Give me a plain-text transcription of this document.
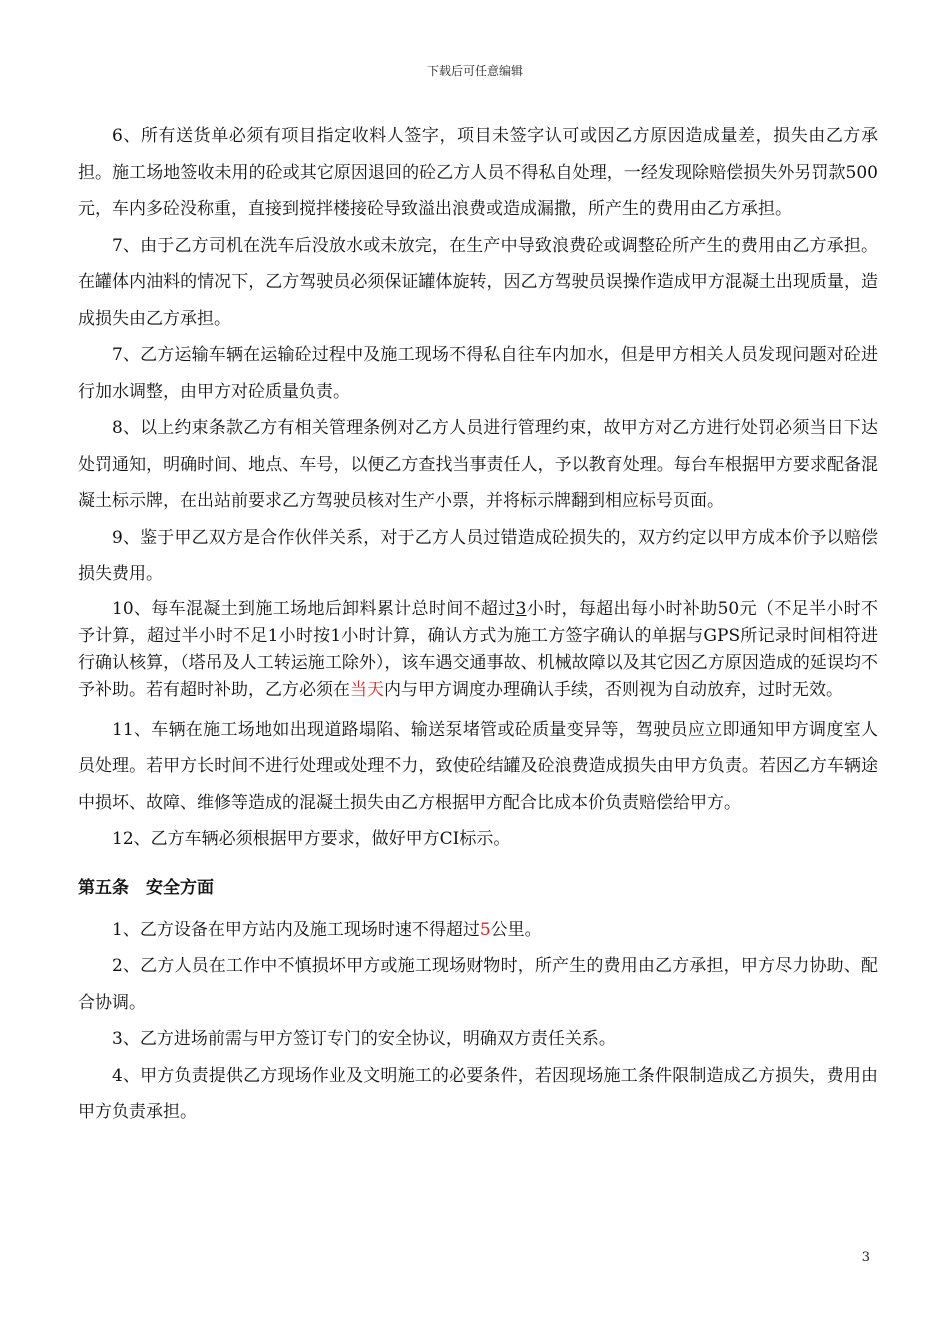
下载后可任意编辑

6、所有送货单必须有项目指定收料人签字，项目未签字认可或因乙方原因造成量差，损失由乙方承担。施工场地签收未用的砼或其它原因退回的砼乙方人员不得私自处理，一经发现除赔偿损失外另罚款500元，车内多砼没称重，直接到搅拌楼接砼导致溢出浪费或造成漏撒，所产生的费用由乙方承担。

7、由于乙方司机在洗车后没放水或未放完，在生产中导致浪费砼或调整砼所产生的费用由乙方承担。在罐体内油料的情况下，乙方驾驶员必须保证罐体旋转，因乙方驾驶员误操作造成甲方混凝土出现质量，造成损失由乙方承担。

7、乙方运输车辆在运输砼过程中及施工现场不得私自往车内加水，但是甲方相关人员发现问题对砼进行加水调整，由甲方对砼质量负责。

8、以上约束条款乙方有相关管理条例对乙方人员进行管理约束，故甲方对乙方进行处罚必须当日下达处罚通知，明确时间、地点、车号，以便乙方查找当事责任人，予以教育处理。每台车根据甲方要求配备混凝土标示牌，在出站前要求乙方驾驶员核对生产小票，并将标示牌翻到相应标号页面。

9、鉴于甲乙双方是合作伙伴关系，对于乙方人员过错造成砼损失的，双方约定以甲方成本价予以赔偿损失费用。

10、每车混凝土到施工场地后卸料累计总时间不超过3小时，每超出每小时补助50元（不足半小时不予计算，超过半小时不足1小时按1小时计算，确认方式为施工方签字确认的单据与GPS所记录时间相符进行确认核算，（塔吊及人工转运施工除外），该车遇交通事故、机械故障以及其它因乙方原因造成的延误均不予补助。若有超时补助，乙方必须在当天内与甲方调度办理确认手续，否则视为自动放弃，过时无效。

11、车辆在施工场地如出现道路塌陷、输送泵堵管或砼质量变异等，驾驶员应立即通知甲方调度室人员处理。若甲方长时间不进行处理或处理不力，致使砼结罐及砼浪费造成损失由甲方负责。若因乙方车辆途中损坏、故障、维修等造成的混凝土损失由乙方根据甲方配合比成本价负责赔偿给甲方。

12、乙方车辆必须根据甲方要求，做好甲方CI标示。

第五条　安全方面

1、乙方设备在甲方站内及施工现场时速不得超过5公里。

2、乙方人员在工作中不慎损坏甲方或施工现场财物时，所产生的费用由乙方承担，甲方尽力协助、配合协调。

3、乙方进场前需与甲方签订专门的安全协议，明确双方责任关系。

4、甲方负责提供乙方现场作业及文明施工的必要条件，若因现场施工条件限制造成乙方损失，费用由甲方负责承担。

3
